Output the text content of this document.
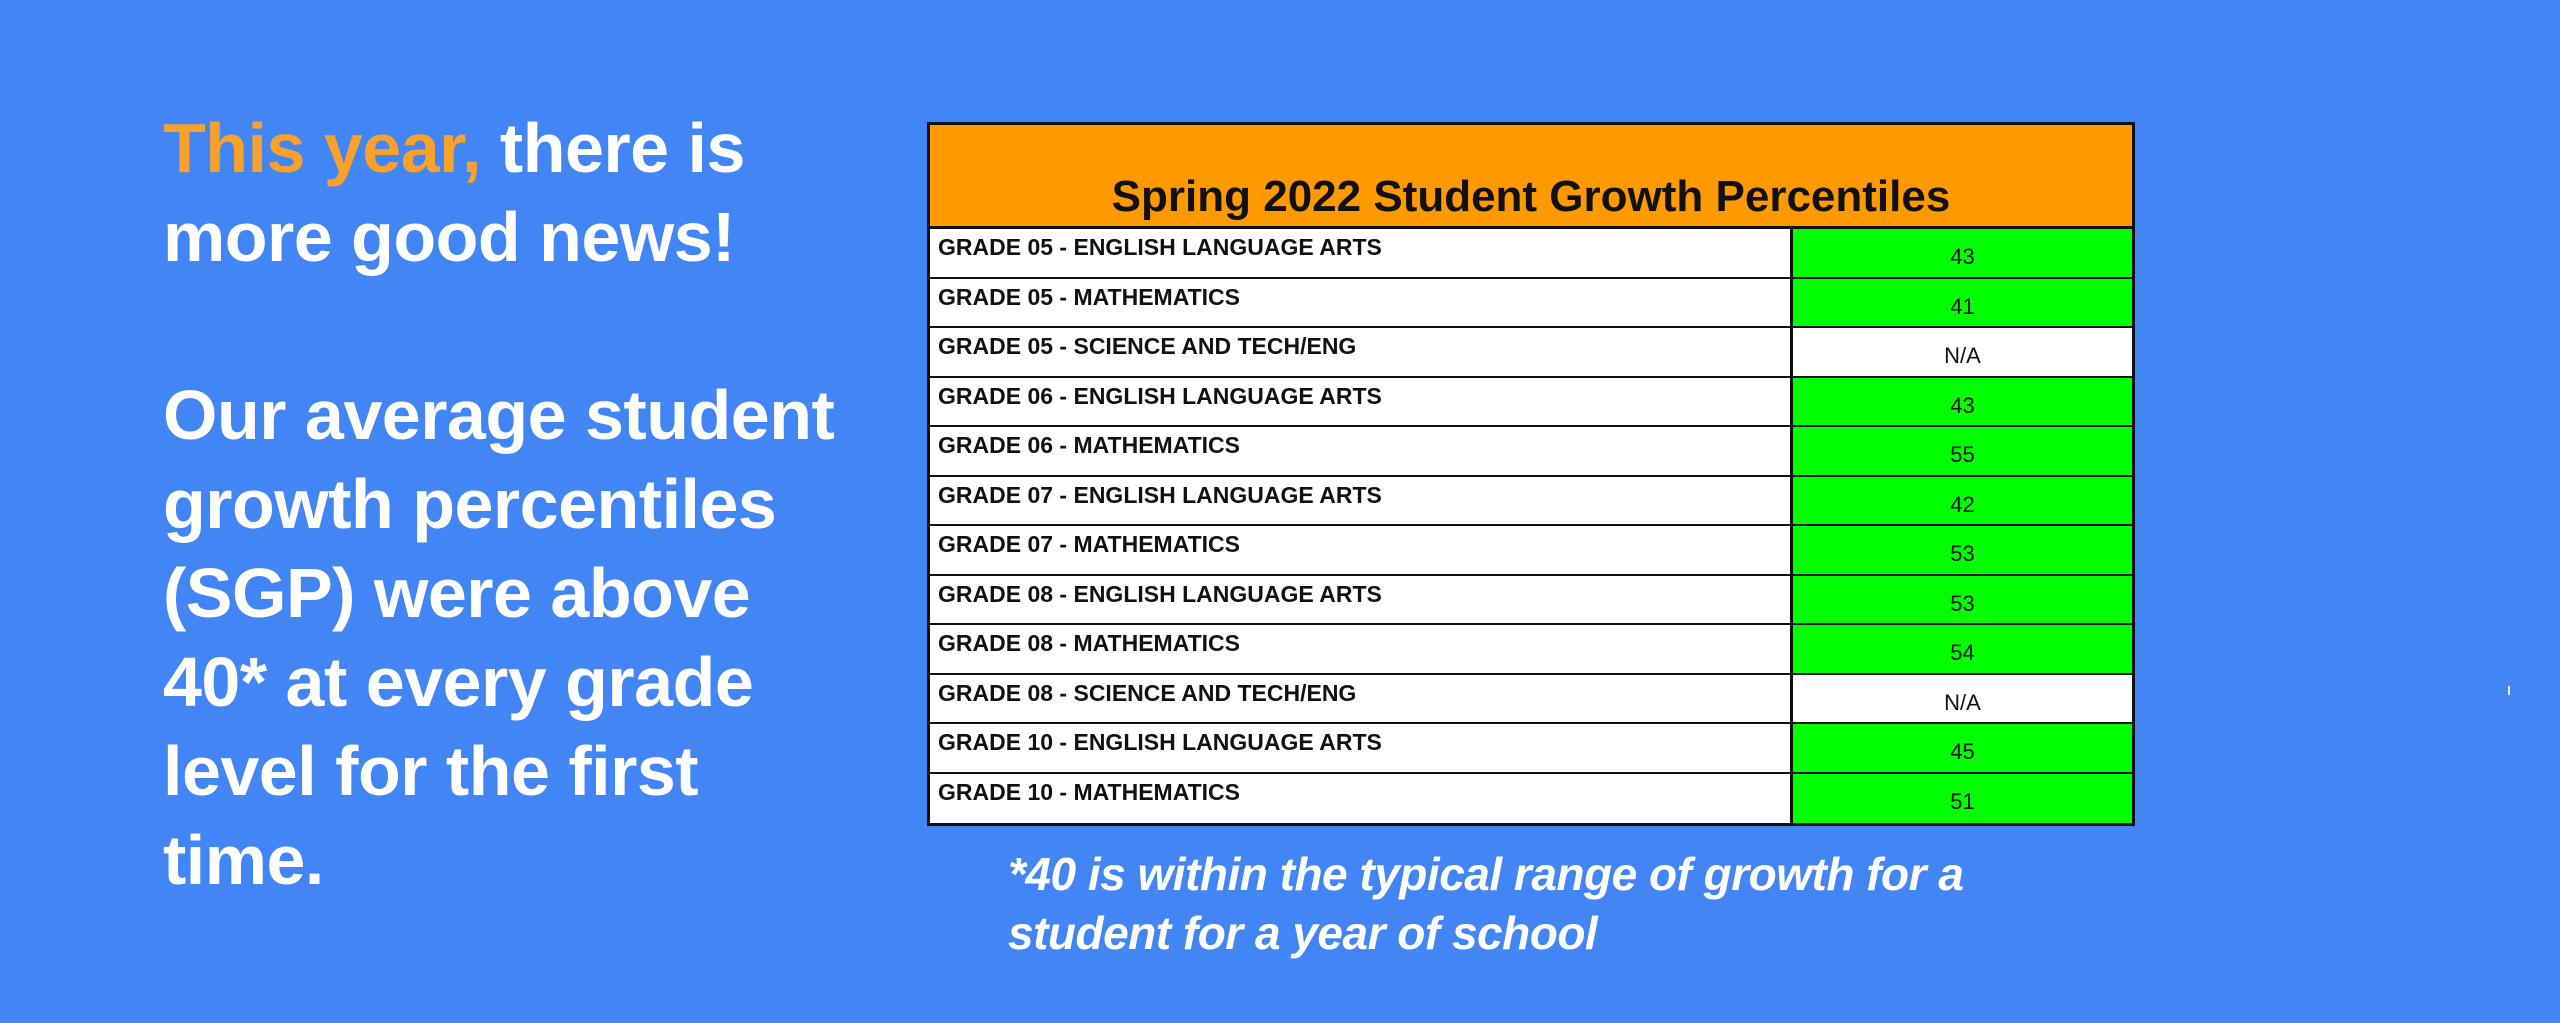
This year, there is

more good news!

Our average student

growth percentiles

(SGP) were above

40* at every grade

level for the first

time.

Spring 2022 Student Growth Percentiles
GRADE 05 - ENGLISH LANGUAGE ARTS	43
GRADE 05 - MATHEMATICS	41
GRADE 05 - SCIENCE AND TECH/ENG	N/A
GRADE 06 - ENGLISH LANGUAGE ARTS	43
GRADE 06 - MATHEMATICS	55
GRADE 07 - ENGLISH LANGUAGE ARTS	42
GRADE 07 - MATHEMATICS	53
GRADE 08 - ENGLISH LANGUAGE ARTS	53
GRADE 08 - MATHEMATICS	54
GRADE 08 - SCIENCE AND TECH/ENG	N/A
GRADE 10 - ENGLISH LANGUAGE ARTS	45
GRADE 10 - MATHEMATICS	51
*40 is within the typical range of growth for a
student for a year of school
